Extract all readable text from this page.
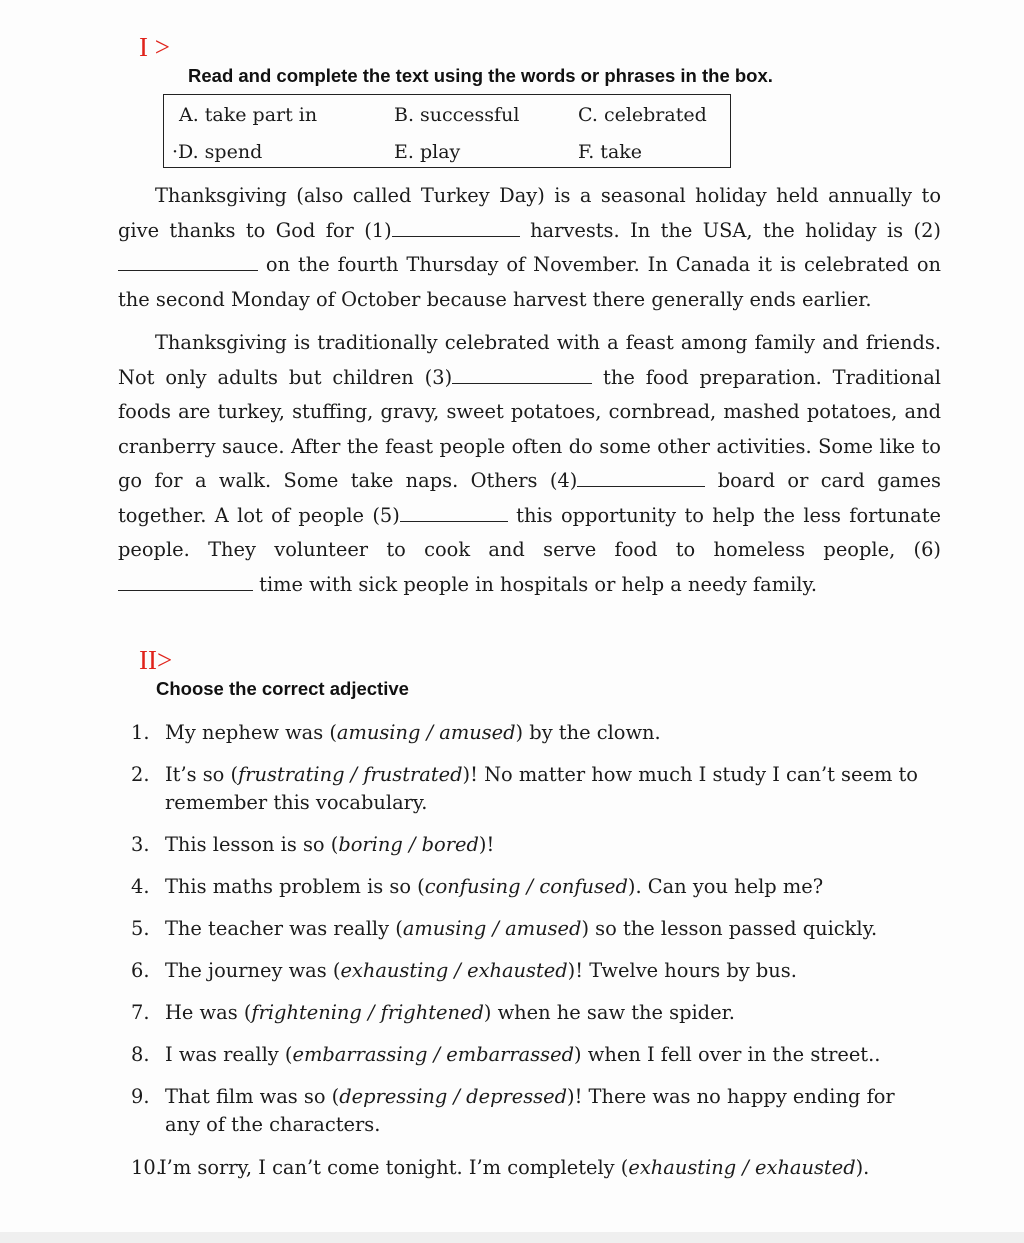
I >
Read and complete the text using the words or phrases in the box.
A. take part in	B. successful	C. celebrated
·D. spend	E. play	F. take

Thanksgiving (also called Turkey Day) is a seasonal holiday held annually to give thanks to God for (1)	harvests. In the USA, the holiday is (2) on the fourth Thursday of November. In Canada it is celebrated on the second Monday of October because harvest there generally ends earlier.

Thanksgiving is traditionally celebrated with a feast among family and friends. Not only adults but children (3)	the food preparation. Traditional foods are turkey, stuffing, gravy, sweet potatoes, cornbread, mashed potatoes, and cranberry sauce. After the feast people often do some other activities. Some like to go for a walk. Some take naps. Others (4)	board or card games together. A lot of people (5)	this opportunity to help the less fortunate people. They volunteer to cook and serve food to homeless people, (6) time with sick people in hospitals or help a needy family.

II>
Choose the correct adjective
1. My nephew was (amusing / amused) by the clown.
2. It’s so (frustrating / frustrated)! No matter how much I study I can’t seem to remember this vocabulary.
3. This lesson is so (boring / bored)!
4. This maths problem is so (confusing / confused). Can you help me?
5. The teacher was really (amusing / amused) so the lesson passed quickly.
6. The journey was (exhausting / exhausted)! Twelve hours by bus.
7. He was (frightening / frightened) when he saw the spider.
8. I was really (embarrassing / embarrassed) when I fell over in the street..
9. That film was so (depressing / depressed)! There was no happy ending for any of the characters.
10.
I’m sorry, I can’t come tonight. I’m completely (exhausting / exhausted).
